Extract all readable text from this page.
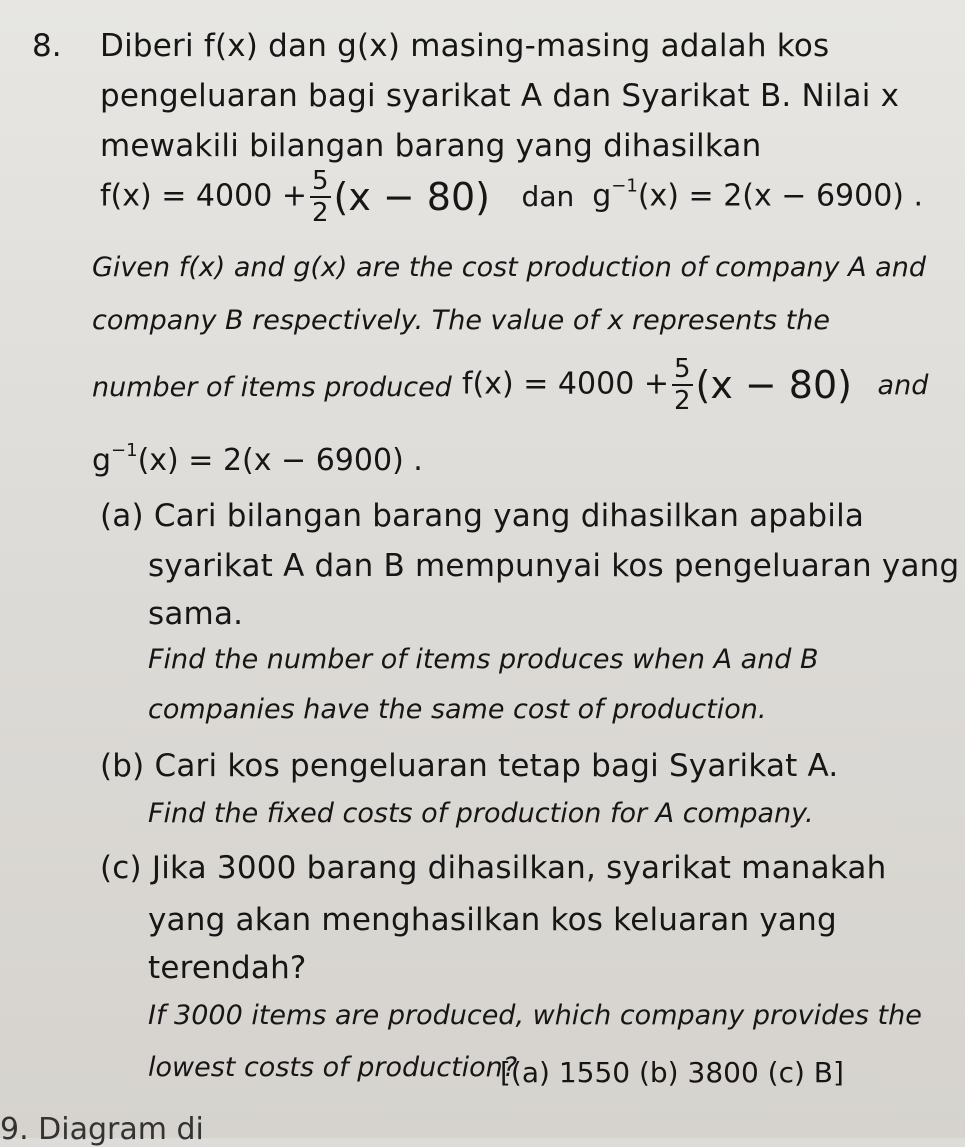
8. Diberi f(x) dan g(x) masing-masing adalah kos
pengeluaran bagi syarikat A dan Syarikat B. Nilai x
mewakili bilangan barang yang dihasilkan
$f(x) = 4000 + \frac{5}{2} (x - 80)$ dan $g^{-1}(x) = 2(x - 6900)$ .
Given f(x) and g(x) are the cost production of company A and
company B respectively. The value of x represents the
number of items produced $f(x) = 4000 + \frac{5}{2} (x - 80)$ and
$g^{-1}(x) = 2(x - 6900)$ .
(a) Cari bilangan barang yang dihasilkan apabila
syarikat A dan B mempunyai kos pengeluaran yang
sama.
Find the number of items produces when A and B
companies have the same cost of production.
(b) Cari kos pengeluaran tetap bagi Syarikat A.
Find the fixed costs of production for A company.
(c) Jika 3000 barang dihasilkan, syarikat manakah
yang akan menghasilkan kos keluaran yang
terendah?
If 3000 items are produced, which company provides the
lowest costs of production?
[(a) 1550 (b) 3800 (c) B]
9. Diagram di
